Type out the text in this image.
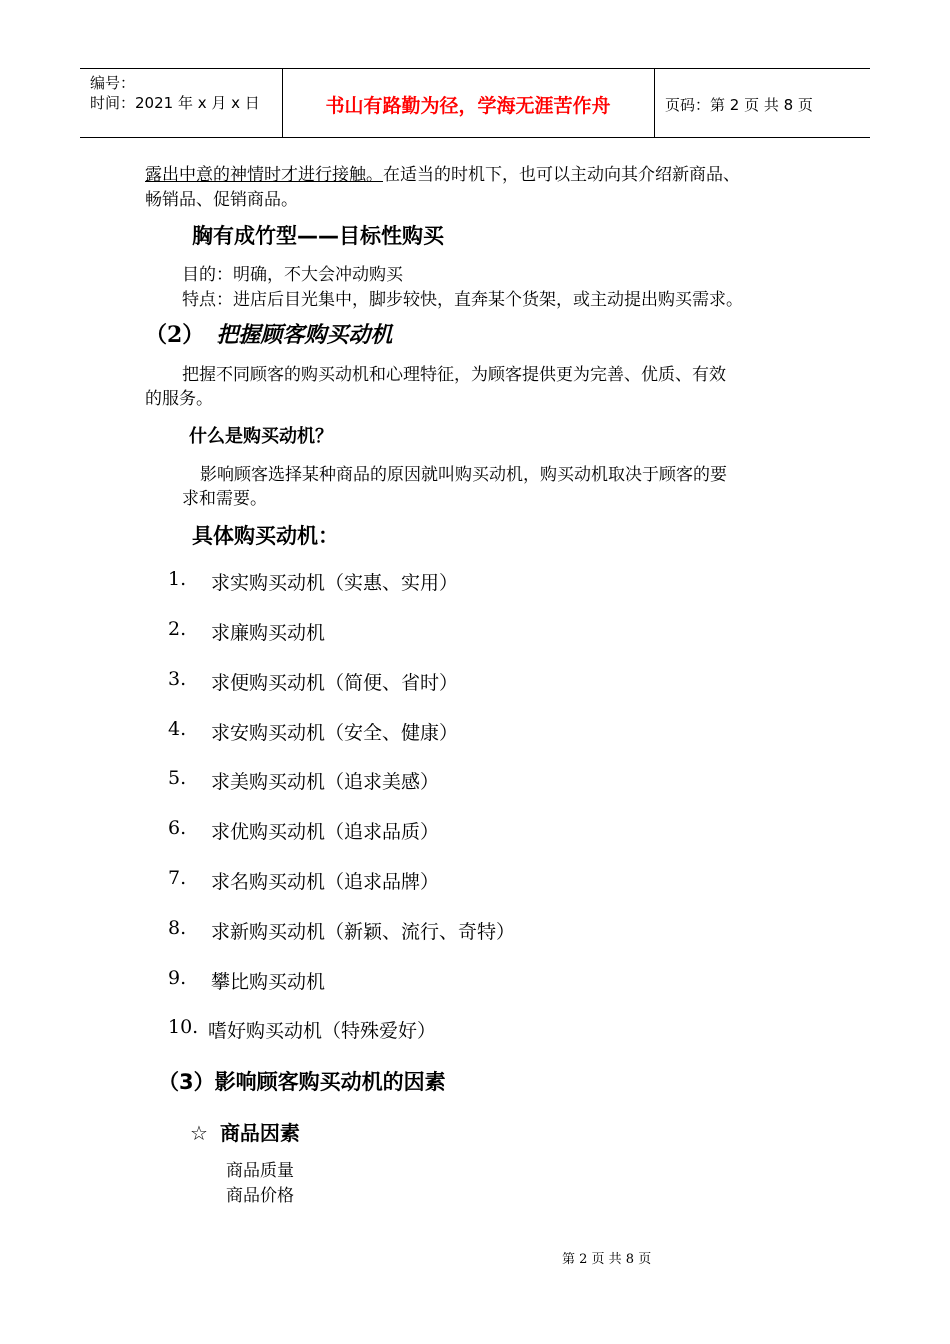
编号：
时间：2021 年 x 月 x 日	书山有路勤为径，学海无涯苦作舟	页码：第 2 页 共 8 页
露出中意的神情时才进行接触。在适当的时机下，也可以主动向其介绍新商品、
畅销品、促销商品。
胸有成竹型——目标性购买
目的：明确，不大会冲动购买
特点：进店后目光集中，脚步较快，直奔某个货架，或主动提出购买需求。
（2） 把握顾客购买动机
把握不同顾客的购买动机和心理特征，为顾客提供更为完善、优质、有效
的服务。
什么是购买动机？
影响顾客选择某种商品的原因就叫购买动机，购买动机取决于顾客的要
求和需要。
具体购买动机：
1. 求实购买动机（实惠、实用）
2. 求廉购买动机
3. 求便购买动机（简便、省时）
4. 求安购买动机（安全、健康）
5. 求美购买动机（追求美感）
6. 求优购买动机（追求品质）
7. 求名购买动机（追求品牌）
8. 求新购买动机（新颖、流行、奇特）
9. 攀比购买动机
10. 嗜好购买动机（特殊爱好）
（3）影响顾客购买动机的因素
☆ 商品因素
商品质量
商品价格
第 2 页 共 8 页
